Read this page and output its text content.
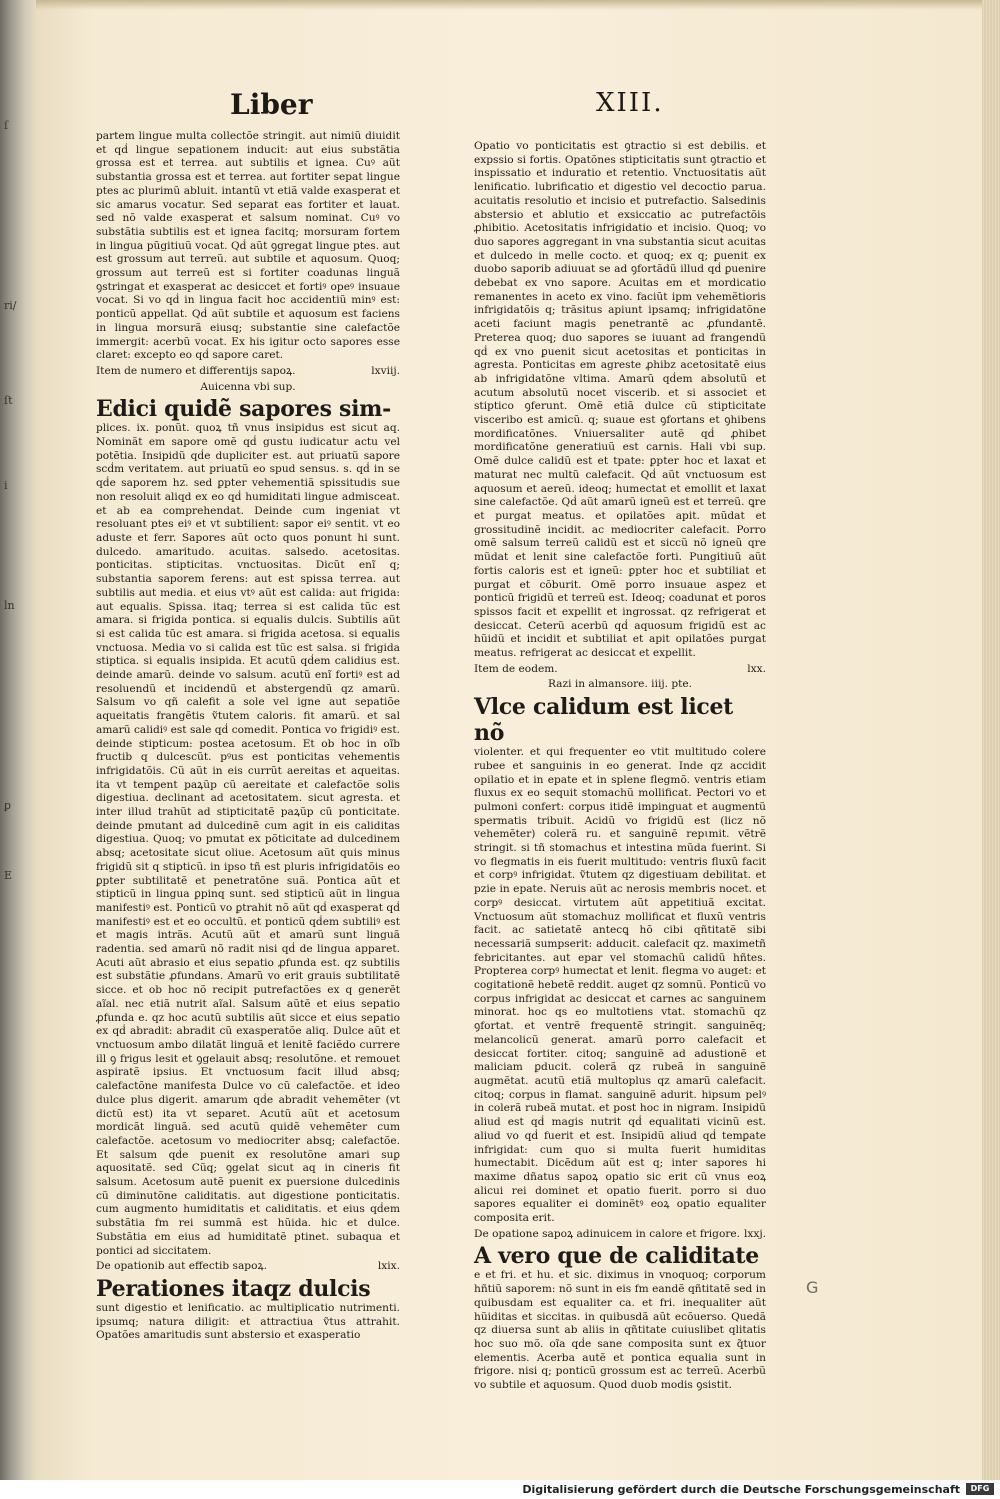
ſ
ri/
ſt
i
ln
ꝑ
E
Liber	XIII.

partem lingue multa collectõe stringit. aut nimiũ diuidit et qḋ lingue sepationem inducit: aut eius substãtia grossa est et terrea. aut subtilis et ignea. Cuꝰ aũt substantia grossa est et terrea. aut fortiter sepat lingue ptes ac plurimũ abluit. intantũ vt etiã valde exasperat et sic amarus vocatur. Sed separat eas fortiter et lauat. sed nõ valde exasperat et salsum nominat. Cuꝰ vo substãtia subtilis est et ignea facitq; morsuram fortem in lingua pũgitiuũ vocat. Qḋ aũt ꝯgregat lingue ptes. aut est grossum aut terreũ. aut subtile et aquosum. Quoq; grossum aut terreũ est si fortiter coadunas linguã ꝯstringat et exasperat ac desiccet et fortiꝰ opeꝰ insuaue vocat. Si vo qḋ in lingua facit hoc accidentiũ minꝰ est: ponticũ appellat. Qḋ aũt subtile et aquosum est faciens in lingua morsurã eiusq; substantie sine calefactõe immergit: acerbũ vocat. Ex his igitur octo sapores esse claret: excepto eo qḋ sapore caret.

Item de numero et differentijs sapoꝝ.	lxviij.
Auicenna vbi sup.
Edici quidẽ sapores sim-

plices. ix. ponũt. quoꝝ tñ vnus insipidus est sicut aq. Nominãt em sapore omẽ qḋ gustu iudicatur actu vel potẽtia. Insipidũ qḋe dupliciter est. aut priuatũ sapore scḋm veritatem. aut priuatũ eo spud sensus. s. qḋ in se qḋe saporem hz. sed ꝑpter vehementiã spissitudis sue non resoluit aliqd ex eo qḋ humiditati lingue admisceat. et ab ea comprehendat. Deinde cum ingeniat vt resoluant ptes eiꝰ et vt subtilient: sapor eiꝰ sentit. vt eo aduste et ferr. Sapores aũt octo quos ponunt hi sunt. dulcedo. amaritudo. acuitas. salsedo. acetositas. ponticitas. stipticitas. vnctuositas. Dicũt enĩ q; substantia saporem ferens: aut est spissa terrea. aut subtilis aut media. et eius vtꝰ aũt est calida: aut frigida: aut equalis. Spissa. itaq; terrea si est calida tũc est amara. si frigida pontica. si equalis dulcis. Subtilis aũt si est calida tũc est amara. si frigida acetosa. si equalis vnctuosa. Media vo si calida est tũc est salsa. si frigida stiptica. si equalis insipida. Et acutũ qḋem calidius est. deinde amarũ. deinde vo salsum. acutũ enĩ fortiꝰ est ad resoluendũ et incidendũ et abstergendũ qz amarũ. Salsum vo qñ calefit a sole vel igne aut sepatiõe aqueitatis frangẽtis ṽtutem caloris. fit amarũ. et sal amarũ calidiꝰ est sale qḋ comedit. Pontica vo frigidiꝰ est. deinde stipticum: postea acetosum. Et ob hoc in oĩb fructib q dulcescũt. pꝰus est ponticitas vehementis infrigidatõis. Cũ aũt in eis currũt aereitas et aqueitas. ita vt temꝑent paꝝũp cũ aereitate et calefactõe solis digestiua. declinant ad acetositatem. sicut agresta. et inter illud trahũt ad stipticitatẽ paꝝũp cũ ponticitate. deinde pmutant ad dulcedinẽ cum agit in eis caliditas digestiua. Quoq; vo pmutat ex põticitate ad dulcedinem absq; acetositate sicut oliue. Acetosum aũt quis minus frigidũ sit q stipticũ. in ipso tñ est pluris infrigidatõis eo ꝑpter subtilitatẽ et penetratõne suã. Pontica aũt et stipticũ in lingua ꝑpinq sunt. sed stipticũ aũt in lingua manifestiꝰ est. Ponticũ vo ꝑtrahit nõ aũt qḋ exasperat qḋ manifestiꝰ est et eo occultũ. et ponticũ qḋem subtiliꝰ est et magis intrãs. Acutũ aũt et amarũ sunt linguã radentia. sed amarũ nõ radit nisi qḋ de lingua apparet. Acuti aũt abrasio et eius sepatio ꝓfunda est. qz subtilis est substãtie ꝓfundans. Amarũ vo erit grauis subtilitatẽ sicce. et ob hoc nõ recipit putrefactões ex q generẽt aĩal. nec etiã nutrit aĩal. Salsum aũtẽ et eius sepatio ꝓfunda e. qz hoc acutũ subtilis aũt sicce et eius sepatio ex qḋ abradit: abradit cũ exasperatõe aliq. Dulce aũt et vnctuosum ambo dilatãt linguã et lenitẽ faciẽdo currere ill ꝯ frigus lesit et ꝯgelauit absq; resolutõne. et remouet aspiratẽ ipsius. Et vnctuosum facit illud absq; calefactõne manifesta Dulce vo cũ calefactõe. et ideo dulce plus digerit. amarum qḋe abradit vehemẽter (vt dictũ est) ita vt separet. Acutũ aũt et acetosum mordicãt linguã. sed acutũ quidẽ vehemẽter cum calefactõe. acetosum vo mediocriter absq; calefactõe. Et salsum qḋe puenit ex resolutõne amari suꝑ aquositatẽ. sed Cũq; ꝯgelat sicut aq in cineris fit salsum. Acetosum autẽ puenit ex puersione dulcedinis cũ diminutõne caliditatis. aut digestione ponticitatis. cum augmento humiditatis et caliditatis. et eius qḋem substãtia fm rei summã est hũida. hic et dulce. Substãtia em eius ad humiditatẽ ptinet. subaqua et pontici ad siccitatem.

De opationib aut effectib sapoꝝ.	lxix.
Perationes itaqz dulcis

sunt digestio et lenificatio. ac multiplicatio nutrimenti. ipsumq; natura diligit: et attractiua ṽtus attrahit. Opatões amaritudis sunt abstersio et exasperatio

Opatio vo ponticitatis est ꝯtractio si est debilis. et expssio si fortis. Opatõnes stipticitatis sunt ꝯtractio et inspissatio et induratio et retentio. Vnctuositatis aũt lenificatio. lubrificatio et digestio vel decoctio parua. acuitatis resolutio et incisio et putrefactio. Salsedinis abstersio et ablutio et exsiccatio ac putrefactõis ꝓhibitio. Acetositatis infrigidatio et incisio. Quoq; vo duo sapores aggregant in vna substantia sicut acuitas et dulcedo in melle cocto. et quoq; ex q; ꝑuenit ex duobo saporib adiuuat se ad ꝯfortãdũ illud qḋ ꝑuenire debebat ex vno sapore. Acuitas em et mordicatio remanentes in aceto ex vino. faciũt ipm vehemẽtioris infrigidatõis q; trãsitus apiunt ipsamq; infrigidatõne aceti faciunt magis penetrantẽ ac ꝓfundantẽ. Preterea quoq; duo sapores se iuuant ad frangendũ qḋ ex vno ꝑuenit sicut acetositas et ponticitas in agresta. Ponticitas em agreste ꝓhibz acetositatẽ eius ab infrigidatõne vltima. Amarũ qḋem absolutũ et acutum absolutũ nocet viscerib. et si associet et stiptico ꝯferunt. Omẽ etiã dulce cũ stipticitate visceribo est amicũ. q; suaue est ꝯfortans et ꝯhibens mordificatõnes. Vniuersaliter autẽ qḋ ꝓhibet mordificatõne generatiuũ est carnis. Hali vbi sup. Omẽ dulce calidũ est et tpate: ꝑpter hoc et laxat et maturat nec multũ calefacit. Qḋ aũt vnctuosum est aquosum et aereũ. ideoq; humectat et emollit et laxat sine calefactõe. Qḋ aũt amarũ igneũ est et terreũ. ꝗre et purgat meatus. et opilatões apit. mũdat et grossitudinẽ incidit. ac mediocriter calefacit. Porro omẽ salsum terreũ calidũ est et siccũ nõ igneũ qre mũdat et lenit sine calefactõe forti. Pungitiuũ aũt fortis caloris est et igneũ: ꝑpter hoc et subtiliat et purgat et cõburit. Omẽ porro insuaue asꝑez et ponticũ frigidũ et terreũ est. Ideoq; coadunat et poros spissos facit et expellit et ingrossat. qz refrigerat et desiccat. Ceterũ acerbũ qḋ aquosum frigidũ est ac hũidũ et incidit et subtiliat et apit opilatões purgat meatus. refrigerat ac desiccat et expellit.

Item de eodem.	lxx.
Razi in almansore. iiij. pte.
Vlce calidum est licet nõ

violenter. et qui frequenter eo vtit multitudo colere rubee et sanguinis in eo generat. Inde qz accidit opilatio et in epate et in splene flegmõ. ventris etiam fluxus ex eo sequit stomachũ mollificat. Pectori vo et pulmoni confert: corpus itidẽ impinguat et augmentũ spermatis tribuit. Acidũ vo frigidũ est (licz nõ vehemẽter) colerã ru. et sanguinẽ repɩmit. vẽtrẽ stringit. si tñ stomachus et intestina mũda fuerint. Si vo flegmatis in eis fuerit multitudo: ventris fluxũ facit et corpꝰ infrigidat. ṽtutem qz digestiuam debilitat. et pzie in epate. Neruis aũt ac nerosis membris nocet. et corpꝰ desiccat. virtutem aũt appetitiuã excitat. Vnctuosum aũt stomachuz mollificat et fluxũ ventris facit. ac satietatẽ antecꝗ hõ cibi qñtitatẽ sibi necessariã sumpserit: adducit. calefacit qz. maximetñ febricitantes. aut epar vel stomachũ calidũ hñtes. Propterea corpꝰ humectat et lenit. flegma vo auget: et cogitationẽ hebetẽ reddit. auget qz somnũ. Ponticũ vo corpus infrigidat ac desiccat et carnes ac sanguinem minorat. hoc qs eo multotiens vtat. stomachũ qz ꝯfortat. et ventrẽ frequentẽ stringit. sanguinẽq; melancolicũ generat. amarũ porro calefacit et desiccat fortiter. citoq; sanguinẽ ad adustionẽ et maliciam ꝑducit. colerã qz rubeã in sanguinẽ augmẽtat. acutũ etiã multoplus qz amarũ calefacit. citoq; corpus in flamat. sanguinẽ adurit. hipsum pelꝰ in colerã rubeã mutat. et post hoc in nigram. Insipidũ aliud est qḋ magis nutrit qḋ equalitati vicinũ est. aliud vo qḋ fuerit et est. Insipidũ aliud qḋ temꝑate infrigidat: cum quo si multa fuerit humiditas humectabit. Dicẽdum aũt est q; inter sapores hi maxime dñatus sapoꝝ opatio sic erit cũ vnus eoꝝ alicui rei dominet et opatio fuerit. porro si duo sapores equaliter ei dominẽtꝰ eoꝝ opatio equaliter composita erit.

De opatione sapoꝝ adinuicem in calore et frigore. lxxj.
A vero que de caliditate

e et fri. et hu. et sic. diximus in vnoquoq; corporum hñtiũ saporem: nõ sunt in eis fm eandẽ qñtitatẽ sed in quibusdam est equaliter ca. et fri. inequaliter aũt hũiditas et siccitas. in quibusdã aũt ecõuerso. Quedã qz diuersa sunt ab aliis in qñtitate cuiuslibet qlitatis hoc suo mõ. oĩa qḋe sane composita sunt ex q̃tuor elementis. Acerba autẽ et pontica equalia sunt in frigore. nisi q; ponticũ grossum est ac terreũ. Acerbũ vo subtile et aquosum. Quod duob modis ꝯsistit.

G
Digitalisierung gefördert durch die Deutsche Forschungsgemeinschaft	DFG
